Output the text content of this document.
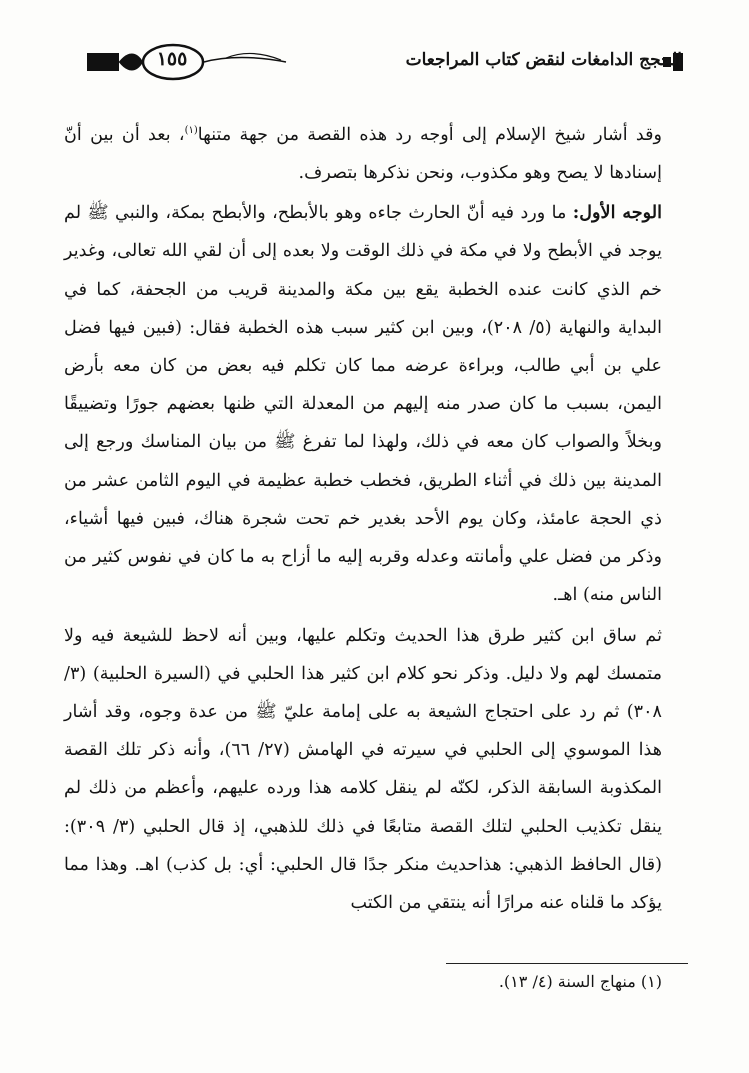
١٥٥	الحجج الدامغات لنقض كتاب المراجعات

وقد أشار شيخ الإسلام إلى أوجه رد هذه القصة من جهة متنها$^{(١)}$، بعد أن بين أنّ إسنادها لا يصح وهو مكذوب، ونحن نذكرها بتصرف.

الوجه الأول: ما ورد فيه أنّ الحارث جاءه وهو بالأبطح، والأبطح بمكة، والنبي ﷺ لم يوجد في الأبطح ولا في مكة في ذلك الوقت ولا بعده إلى أن لقي الله تعالى، وغدير خم الذي كانت عنده الخطبة يقع بين مكة والمدينة قريب من الجحفة، كما في البداية والنهاية (٥/ ٢٠٨)، وبين ابن كثير سبب هذه الخطبة فقال: (فبين فيها فضل علي بن أبي طالب، وبراءة عرضه مما كان تكلم فيه بعض من كان معه بأرض اليمن، بسبب ما كان صدر منه إليهم من المعدلة التي ظنها بعضهم جورًا وتضييقًا وبخلاً والصواب كان معه في ذلك، ولهذا لما تفرغ ﷺ من بيان المناسك ورجع إلى المدينة بين ذلك في أثناء الطريق، فخطب خطبة عظيمة في اليوم الثامن عشر من ذي الحجة عامئذ، وكان يوم الأحد بغدير خم تحت شجرة هناك، فبين فيها أشياء، وذكر من فضل علي وأمانته وعدله وقربه إليه ما أزاح به ما كان في نفوس كثير من الناس منه) اهـ.

ثم ساق ابن كثير طرق هذا الحديث وتكلم عليها، وبين أنه لاحظ للشيعة فيه ولا متمسك لهم ولا دليل. وذكر نحو كلام ابن كثير هذا الحلبي في (السيرة الحلبية) (٣/ ٣٠٨) ثم رد على احتجاج الشيعة به على إمامة عليّ ﷺ من عدة وجوه، وقد أشار هذا الموسوي إلى الحلبي في سيرته في الهامش (٢٧/ ٦٦)، وأنه ذكر تلك القصة المكذوبة السابقة الذكر، لكنّه لم ينقل كلامه هذا ورده عليهم، وأعظم من ذلك لم ينقل تكذيب الحلبي لتلك القصة متابعًا في ذلك للذهبي، إذ قال الحلبي (٣/ ٣٠٩): (قال الحافظ الذهبي: هذاحديث منكر جدًا قال الحلبي: أي: بل كذب) اهـ. وهذا مما يؤكد ما قلناه عنه مرارًا أنه ينتقي من الكتب

(١) منهاج السنة (٤/ ١٣).
